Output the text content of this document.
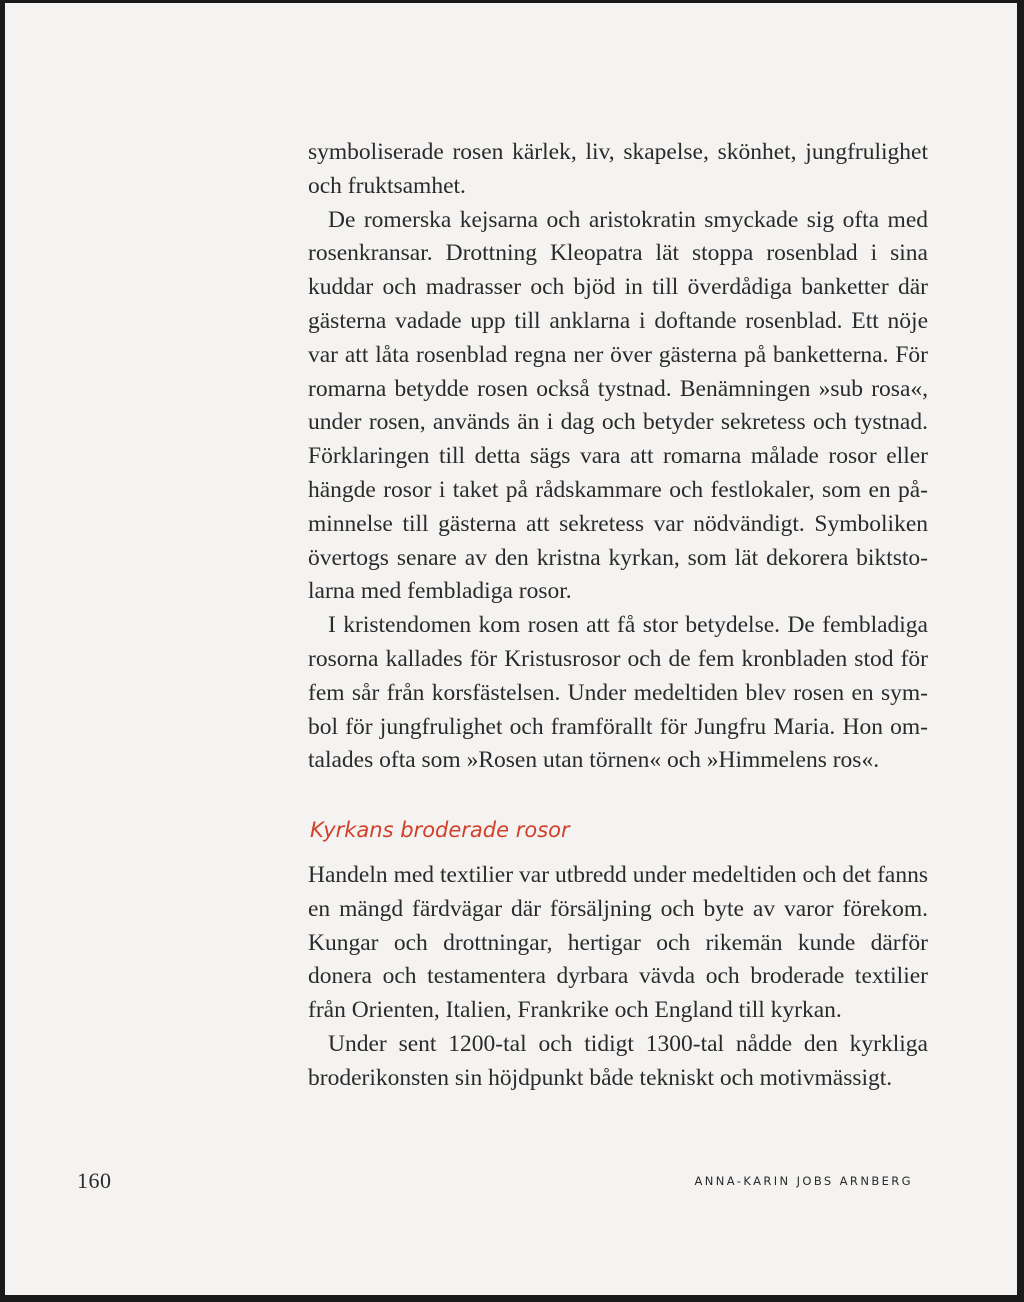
symboliserade rosen kärlek, liv, skapelse, skönhet, jungfrulighet och fruktsamhet.

De romerska kejsarna och aristokratin smyckade sig ofta med rosenkransar. Drottning Kleopatra lät stoppa rosenblad i sina kuddar och madrasser och bjöd in till överdådiga banketter där gästerna vadade upp till anklarna i doftande rosenblad. Ett nöje var att låta rosenblad regna ner över gästerna på banketterna. För romarna betydde rosen också tystnad. Benämningen »sub rosa«, under rosen, används än i dag och betyder sekretess och tystnad. Förklaringen till detta sägs vara att romarna målade rosor eller hängde rosor i taket på rådskammare och festlokaler, som en påminnelse till gästerna att sekretess var nödvändigt. Symboliken övertogs senare av den kristna kyrkan, som lät dekorera biktstolarna med fembladiga rosor.

I kristendomen kom rosen att få stor betydelse. De fembladiga rosorna kallades för Kristusrosor och de fem kronbladen stod för fem sår från korsfästelsen. Under medeltiden blev rosen en symbol för jungfrulighet och framförallt för Jungfru Maria. Hon omtalades ofta som »Rosen utan törnen« och »Himmelens ros«.

Kyrkans broderade rosor

Handeln med textilier var utbredd under medeltiden och det fanns en mängd färdvägar där försäljning och byte av varor förekom. Kungar och drottningar, hertigar och rikemän kunde därför donera och testamentera dyrbara vävda och broderade textilier från Orienten, Italien, Frankrike och England till kyrkan.

Under sent 1200-tal och tidigt 1300-tal nådde den kyrkliga broderikonsten sin höjdpunkt både tekniskt och motivmässigt.

160	ANNA-KARIN JOBS ARNBERG
